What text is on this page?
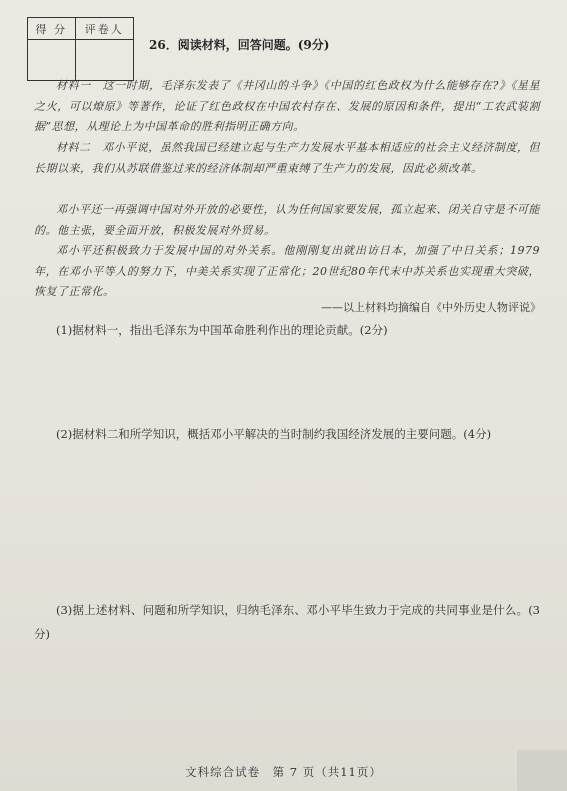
得 分	评卷人

26．阅读材料，回答问题。(9分)
材料一　这一时期，毛泽东发表了《井冈山的斗争》《中国的红色政权为什么能够存在?》《星星之火，可以燎原》等著作，论证了红色政权在中国农村存在、发展的原因和条件，提出“工农武装割据”思想，从理论上为中国革命的胜利指明正确方向。
材料二　邓小平说，虽然我国已经建立起与生产力发展水平基本相适应的社会主义经济制度，但长期以来，我们从苏联借鉴过来的经济体制却严重束缚了生产力的发展，因此必须改革。
邓小平还一再强调中国对外开放的必要性，认为任何国家要发展，孤立起来、闭关自守是不可能的。他主张，要全面开放，积极发展对外贸易。
邓小平还积极致力于发展中国的对外关系。他刚刚复出就出访日本，加强了中日关系；1979年，在邓小平等人的努力下，中美关系实现了正常化；20世纪80年代末中苏关系也实现重大突破，恢复了正常化。
——以上材料均摘编自《中外历史人物评说》
(1)据材料一，指出毛泽东为中国革命胜利作出的理论贡献。(2分)
(2)据材料二和所学知识，概括邓小平解决的当时制约我国经济发展的主要问题。(4分)
(3)据上述材料、问题和所学知识，归纳毛泽东、邓小平毕生致力于完成的共同事业是什么。(3分)
文科综合试卷　第 7 页（共11页）
